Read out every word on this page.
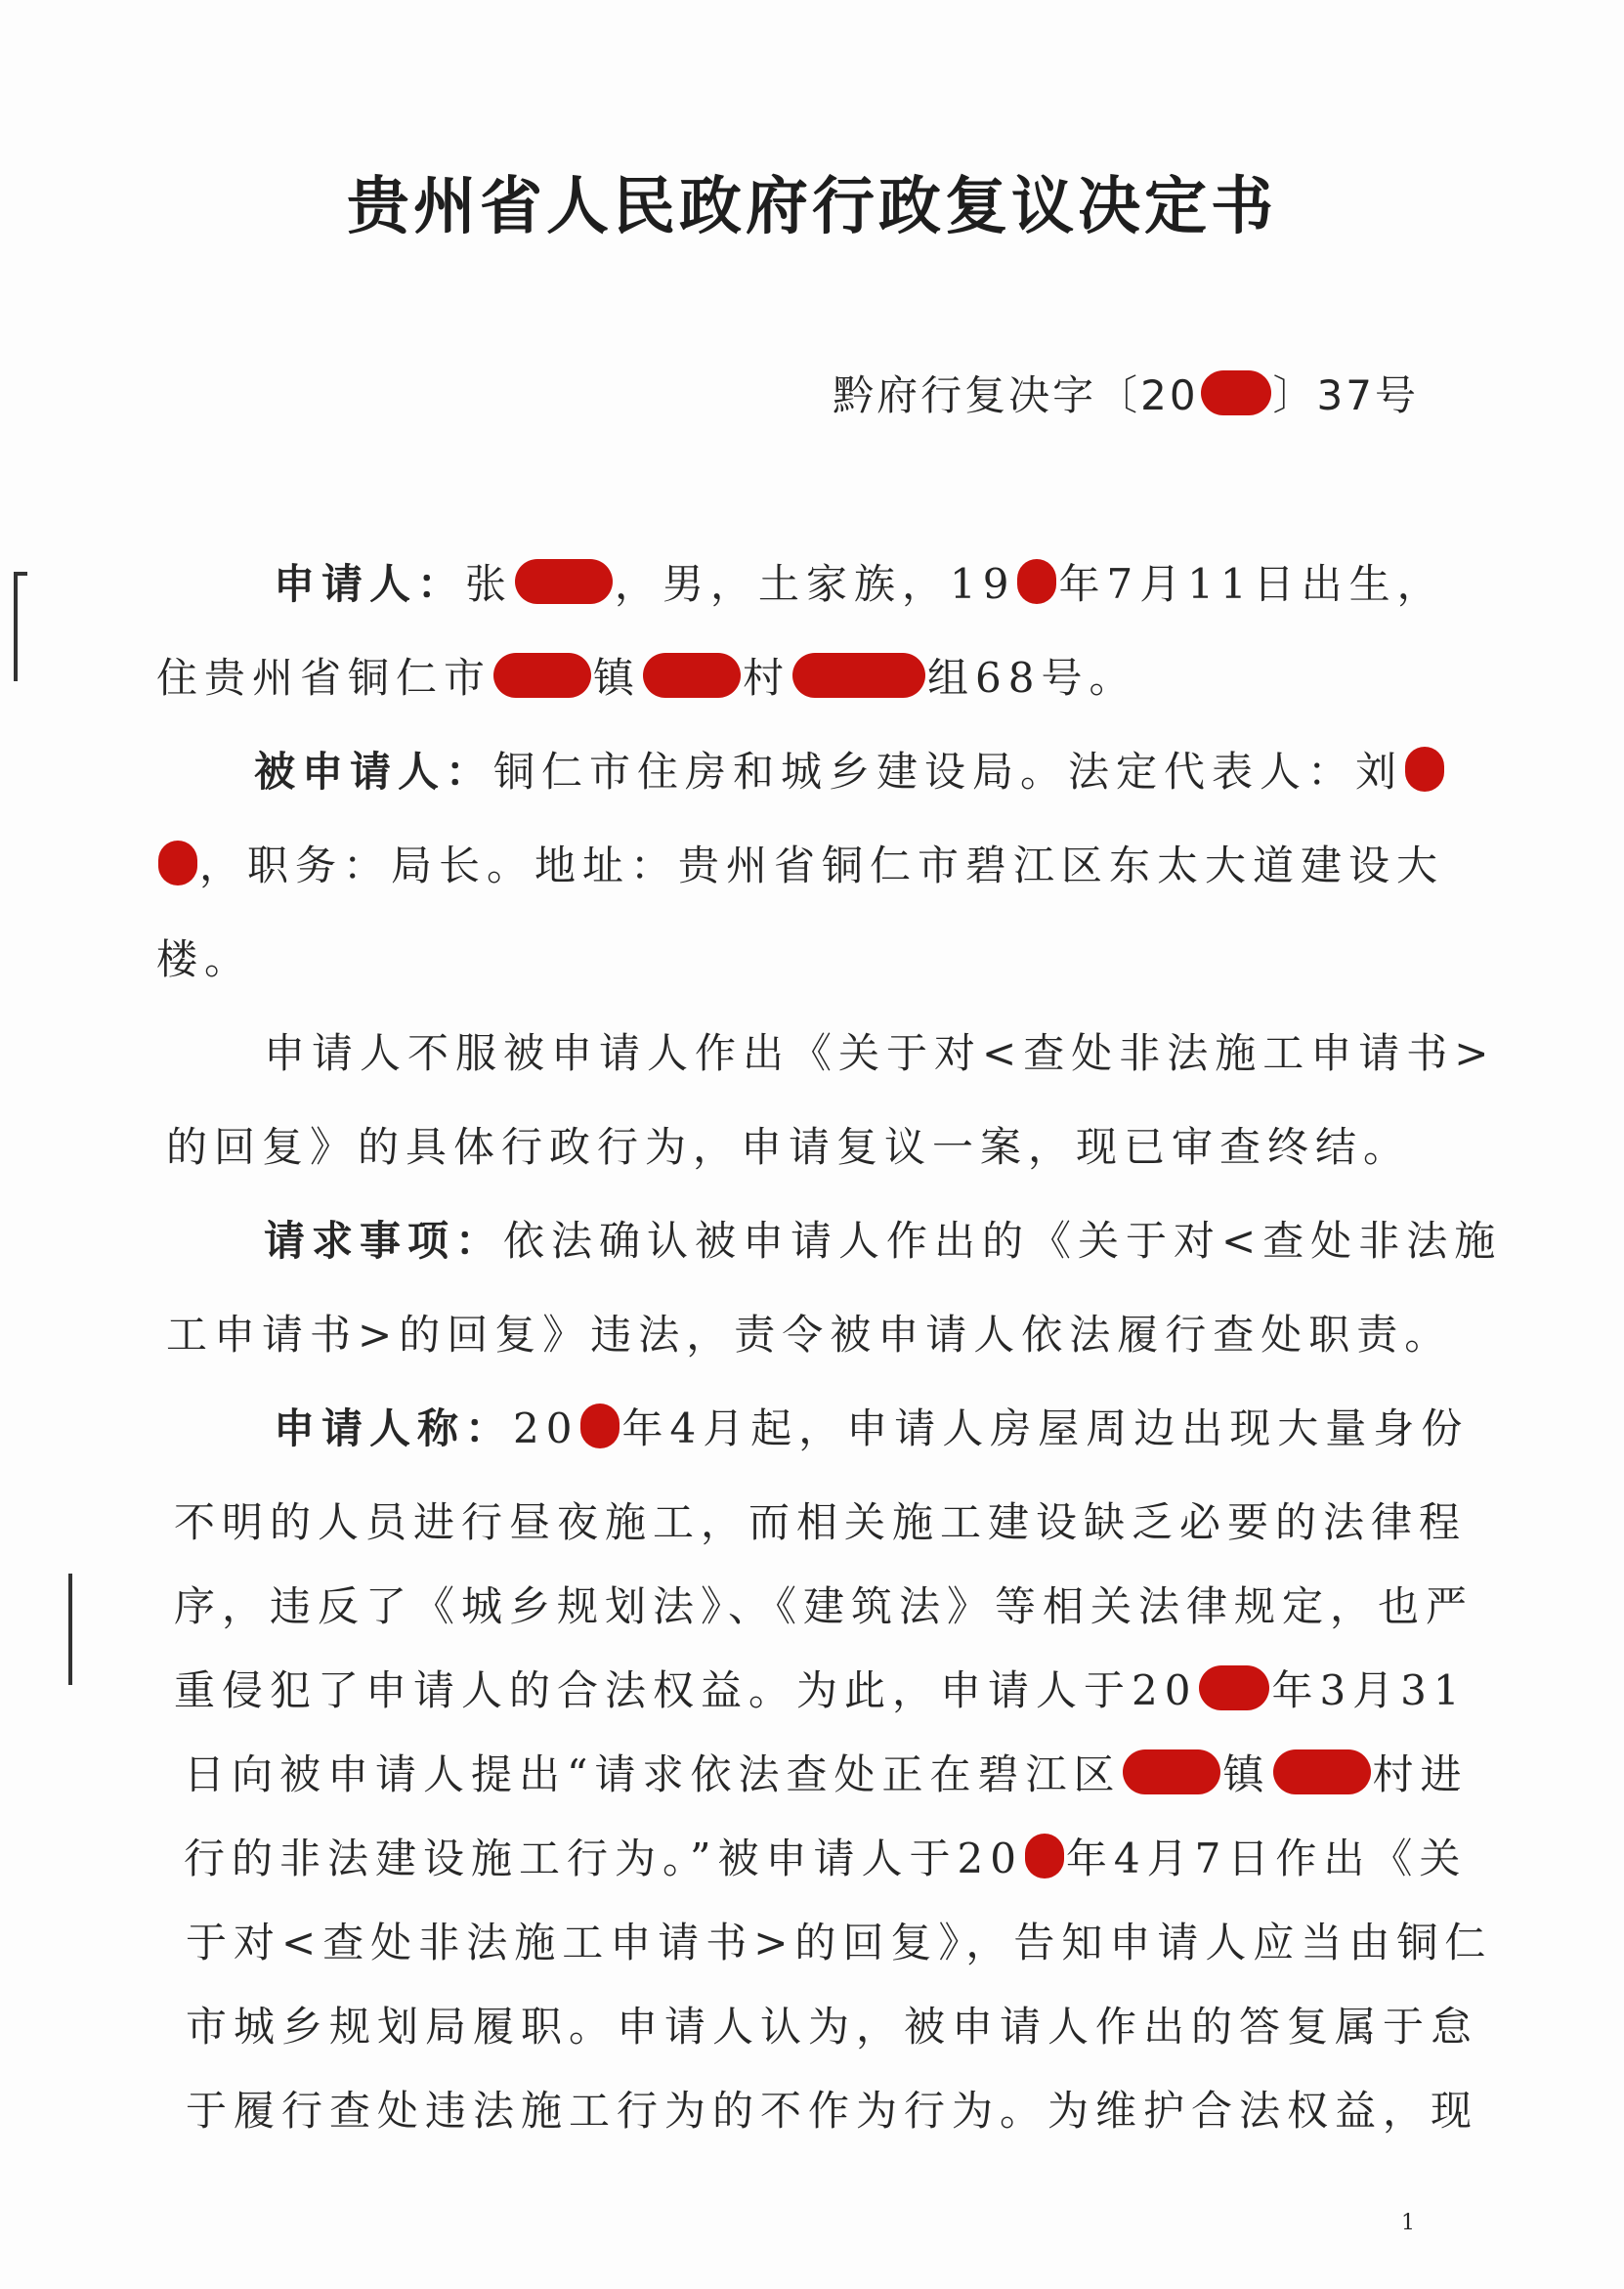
贵州省人民政府行政复议决定书
黔府行复决字〔20 〕37号
申请人：张 ，男，土家族，19 年7月11日出生，
住贵州省铜仁市 镇 村	组68号。
被申请人：铜仁市住房和城乡建设局。法定代表人：刘
，职务：局长。地址：贵州省铜仁市碧江区东太大道建设大
楼。
申请人不服被申请人作出《关于对<查处非法施工申请书>
的回复》的具体行政行为，申请复议一案，现已审查终结。
请求事项：依法确认被申请人作出的《关于对<查处非法施
工申请书>的回复》违法，责令被申请人依法履行查处职责。
申请人称：20 年4月起，申请人房屋周边出现大量身份
不明的人员进行昼夜施工，而相关施工建设缺乏必要的法律程
序，违反了《城乡规划法》、《建筑法》等相关法律规定，也严
重侵犯了申请人的合法权益。为此，申请人于20 年3月31
日向被申请人提出“请求依法查处正在碧江区 镇 村进
行的非法建设施工行为。”被申请人于20 年4月7日作出《关
于对<查处非法施工申请书>的回复》，告知申请人应当由铜仁
市城乡规划局履职。申请人认为，被申请人作出的答复属于怠
于履行查处违法施工行为的不作为行为。为维护合法权益，现
1
